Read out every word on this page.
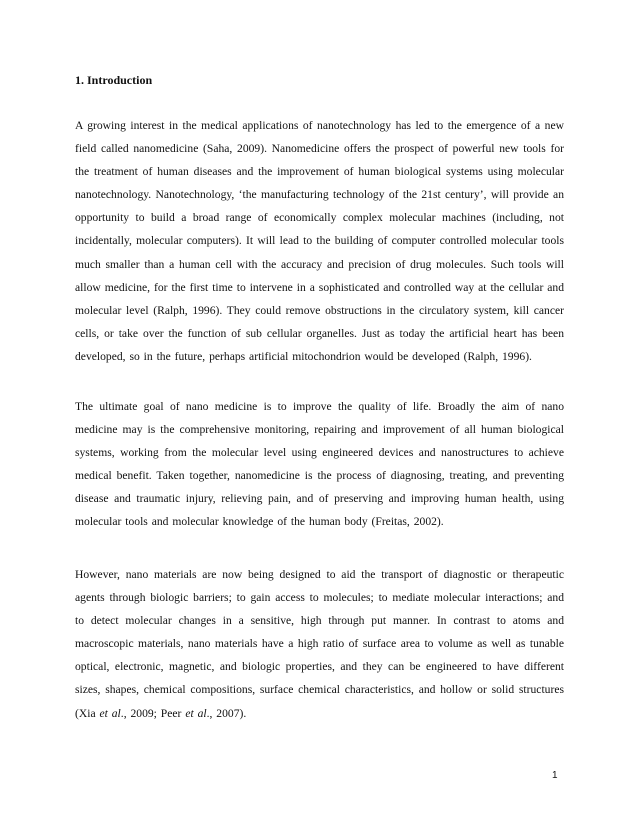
1. Introduction

A growing interest in the medical applications of nanotechnology has led to the emergence of a new field called nanomedicine (Saha, 2009). Nanomedicine offers the prospect of powerful new tools for the treatment of human diseases and the improvement of human biological systems using molecular nanotechnology. Nanotechnology, ‘the manufacturing technology of the 21st century’, will provide an opportunity to build a broad range of economically complex molecular machines (including, not incidentally, molecular computers). It will lead to the building of computer controlled molecular tools much smaller than a human cell with the accuracy and precision of drug molecules. Such tools will allow medicine, for the first time to intervene in a sophisticated and controlled way at the cellular and molecular level (Ralph, 1996). They could remove obstructions in the circulatory system, kill cancer cells, or take over the function of sub cellular organelles. Just as today the artificial heart has been developed, so in the future, perhaps artificial mitochondrion would be developed (Ralph, 1996).

The ultimate goal of nano medicine is to improve the quality of life. Broadly the aim of nano medicine may is the comprehensive monitoring, repairing and improvement of all human biological systems, working from the molecular level using engineered devices and nanostructures to achieve medical benefit. Taken together, nanomedicine is the process of diagnosing, treating, and preventing disease and traumatic injury, relieving pain, and of preserving and improving human health, using molecular tools and molecular knowledge of the human body (Freitas, 2002).

However, nano materials are now being designed to aid the transport of diagnostic or therapeutic agents through biologic barriers; to gain access to molecules; to mediate molecular interactions; and to detect molecular changes in a sensitive, high through put manner. In contrast to atoms and macroscopic materials, nano materials have a high ratio of surface area to volume as well as tunable optical, electronic, magnetic, and biologic properties, and they can be engineered to have different sizes, shapes, chemical compositions, surface chemical characteristics, and hollow or solid structures (Xia et al., 2009; Peer et al., 2007).

1
